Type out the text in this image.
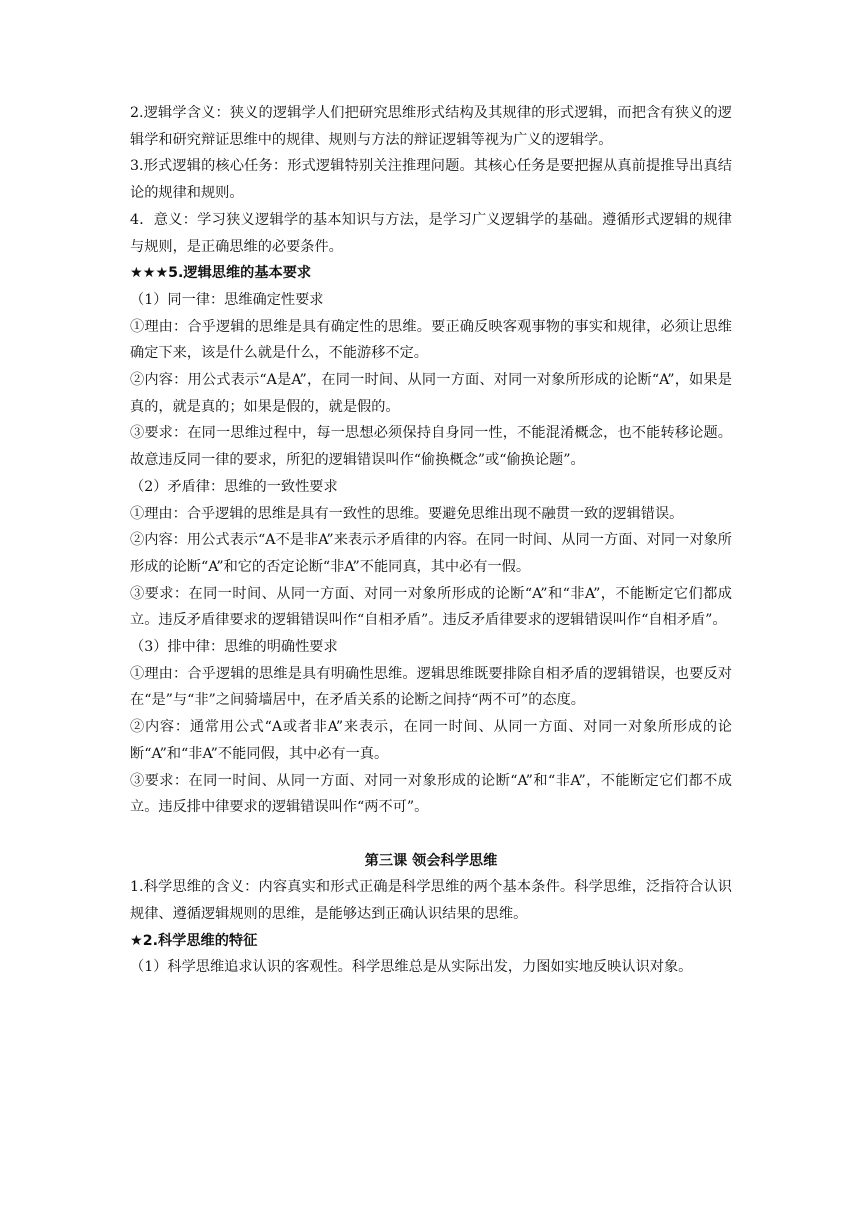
2.逻辑学含义：狭义的逻辑学人们把研究思维形式结构及其规律的形式逻辑，而把含有狭义的逻辑学和研究辩证思维中的规律、规则与方法的辩证逻辑等视为广义的逻辑学。

3.形式逻辑的核心任务：形式逻辑特别关注推理问题。其核心任务是要把握从真前提推导出真结论的规律和规则。

4．意义：学习狭义逻辑学的基本知识与方法，是学习广义逻辑学的基础。遵循形式逻辑的规律与规则，是正确思维的必要条件。

★★★5.逻辑思维的基本要求

（1）同一律：思维确定性要求

①理由：合乎逻辑的思维是具有确定性的思维。要正确反映客观事物的事实和规律，必须让思维确定下来，该是什么就是什么，不能游移不定。

②内容：用公式表示“A是A”，在同一时间、从同一方面、对同一对象所形成的论断“A”，如果是真的，就是真的；如果是假的，就是假的。

③要求：在同一思维过程中，每一思想必须保持自身同一性，不能混淆概念，也不能转移论题。故意违反同一律的要求，所犯的逻辑错误叫作“偷换概念”或“偷换论题”。

（2）矛盾律：思维的一致性要求

①理由：合乎逻辑的思维是具有一致性的思维。要避免思维出现不融贯一致的逻辑错误。

②内容：用公式表示“A不是非A”来表示矛盾律的内容。在同一时间、从同一方面、对同一对象所形成的论断“A”和它的否定论断“非A”不能同真，其中必有一假。

③要求：在同一时间、从同一方面、对同一对象所形成的论断“A”和“非A”，不能断定它们都成立。违反矛盾律要求的逻辑错误叫作“自相矛盾”。违反矛盾律要求的逻辑错误叫作“自相矛盾”。

（3）排中律：思维的明确性要求

①理由：合乎逻辑的思维是具有明确性思维。逻辑思维既要排除自相矛盾的逻辑错误，也要反对在“是”与“非”之间骑墙居中，在矛盾关系的论断之间持“两不可”的态度。

②内容：通常用公式“A或者非A”来表示，在同一时间、从同一方面、对同一对象所形成的论断“A”和“非A”不能同假，其中必有一真。

③要求：在同一时间、从同一方面、对同一对象形成的论断“A”和“非A”，不能断定它们都不成立。违反排中律要求的逻辑错误叫作“两不可”。

第三课 领会科学思维

1.科学思维的含义：内容真实和形式正确是科学思维的两个基本条件。科学思维，泛指符合认识规律、遵循逻辑规则的思维，是能够达到正确认识结果的思维。

★2.科学思维的特征

（1）科学思维追求认识的客观性。科学思维总是从实际出发，力图如实地反映认识对象。
